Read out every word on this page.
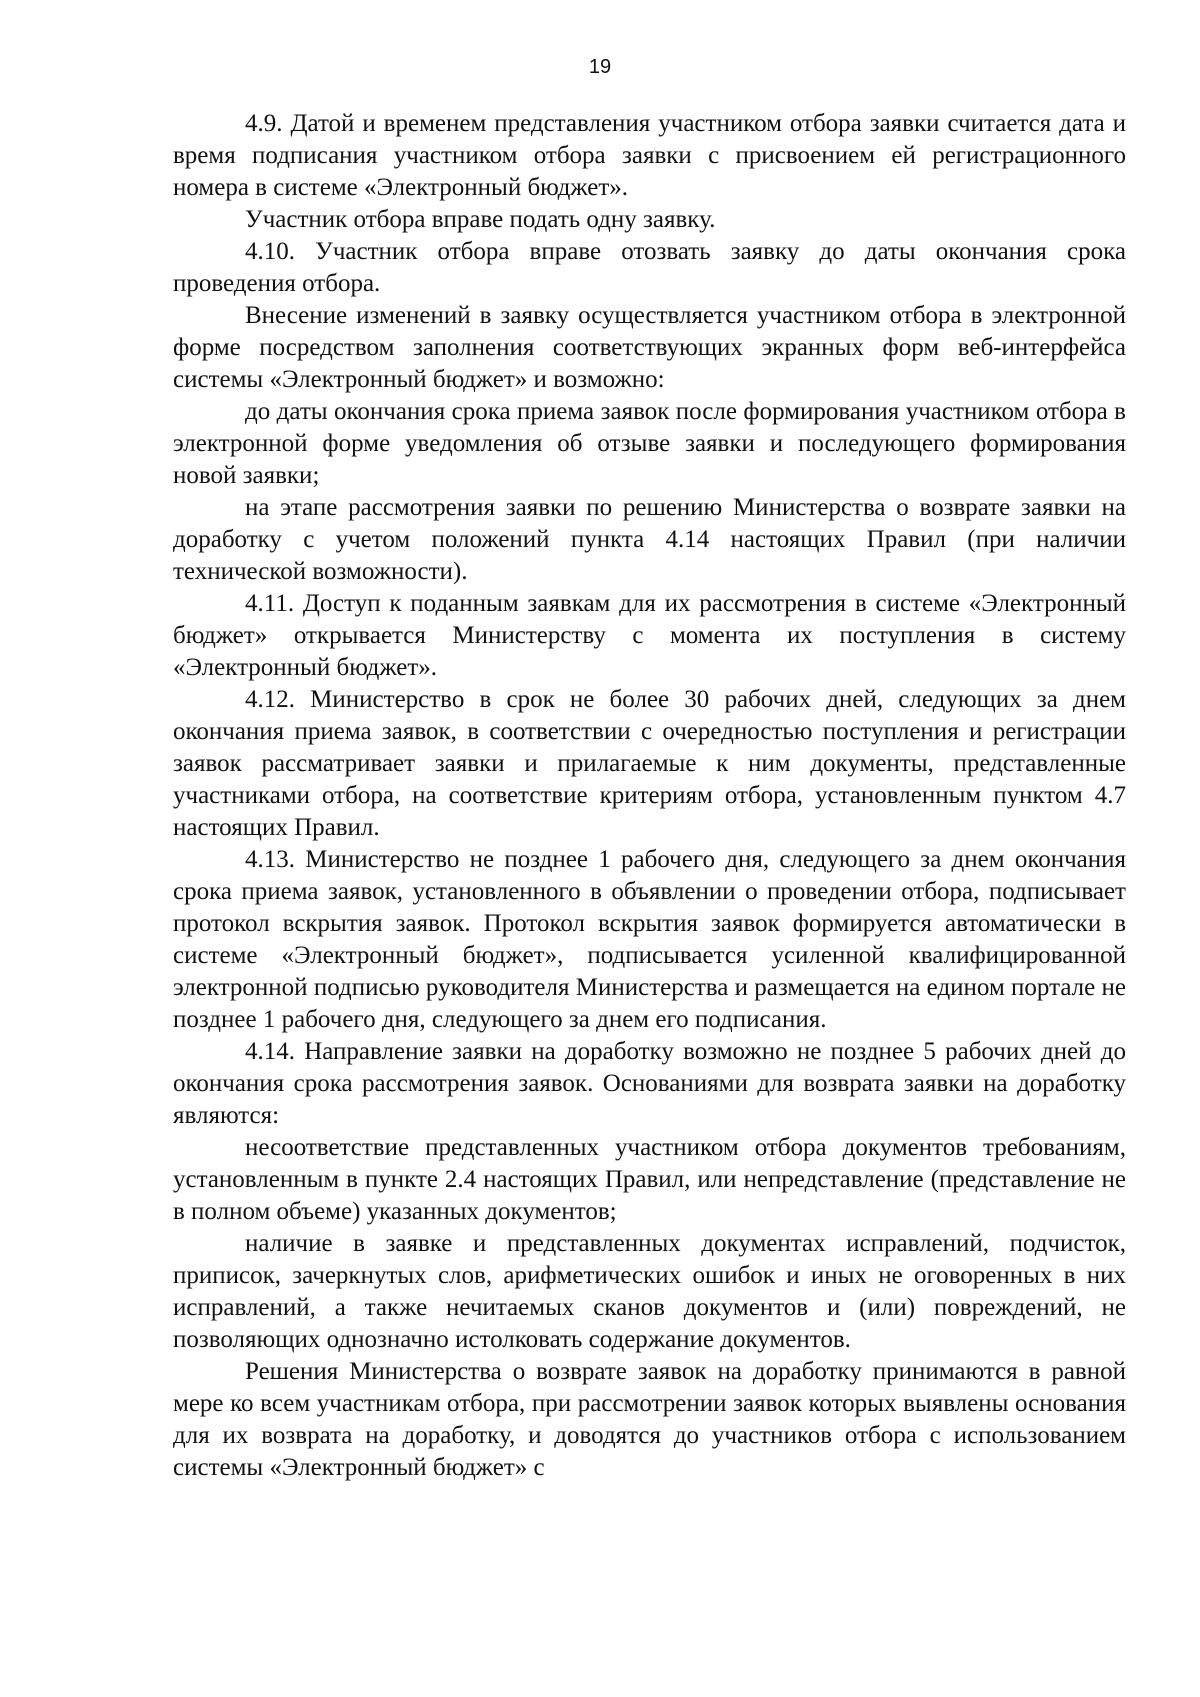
19

4.9. Датой и временем представления участником отбора заявки считается дата и время подписания участником отбора заявки с присвоением ей регистрационного номера в системе «Электронный бюджет».

Участник отбора вправе подать одну заявку.

4.10. Участник отбора вправе отозвать заявку до даты окончания срока проведения отбора.

Внесение изменений в заявку осуществляется участником отбора в электронной форме посредством заполнения соответствующих экранных форм веб-интерфейса системы «Электронный бюджет» и возможно:

до даты окончания срока приема заявок после формирования участником отбора в электронной форме уведомления об отзыве заявки и последующего формирования новой заявки;

на этапе рассмотрения заявки по решению Министерства о возврате заявки на доработку с учетом положений пункта 4.14 настоящих Правил (при наличии технической возможности).

4.11. Доступ к поданным заявкам для их рассмотрения в системе «Электронный бюджет» открывается Министерству с момента их поступления в систему «Электронный бюджет».

4.12. Министерство в срок не более 30 рабочих дней, следующих за днем окончания приема заявок, в соответствии с очередностью поступления и регистрации заявок рассматривает заявки и прилагаемые к ним документы, представленные участниками отбора, на соответствие критериям отбора, установленным пунктом 4.7 настоящих Правил.

4.13. Министерство не позднее 1 рабочего дня, следующего за днем окончания срока приема заявок, установленного в объявлении о проведении отбора, подписывает протокол вскрытия заявок. Протокол вскрытия заявок формируется автоматически в системе «Электронный бюджет», подписывается усиленной квалифицированной электронной подписью руководителя Министерства и размещается на едином портале не позднее 1 рабочего дня, следующего за днем его подписания.

4.14. Направление заявки на доработку возможно не позднее 5 рабочих дней до окончания срока рассмотрения заявок. Основаниями для возврата заявки на доработку являются:

несоответствие представленных участником отбора документов требованиям, установленным в пункте 2.4 настоящих Правил, или непредставление (представление не в полном объеме) указанных документов;

наличие в заявке и представленных документах исправлений, подчисток, приписок, зачеркнутых слов, арифметических ошибок и иных не оговоренных в них исправлений, а также нечитаемых сканов документов и (или) повреждений, не позволяющих однозначно истолковать содержание документов.

Решения Министерства о возврате заявок на доработку принимаются в равной мере ко всем участникам отбора, при рассмотрении заявок которых выявлены основания для их возврата на доработку, и доводятся до участников отбора с использованием системы «Электронный бюджет» с
